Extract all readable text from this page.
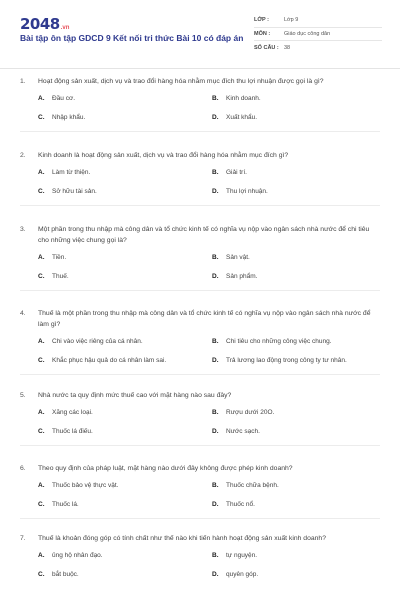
2048 .vn
Bài tập ôn tập GDCD 9 Kết nối tri thức Bài 10 có đáp án
LỚP :	Lớp 9
MÔN :	Giáo dục công dân
SỐ CÂU : 38
1.	Hoạt động sản xuất, dịch vụ và trao đổi hàng hóa nhằm mục đích thu lợi nhuận được gọi là gì?
A.	Đầu cơ.	B.	Kinh doanh.
C.	Nhập khẩu.	D.	Xuất khẩu.
2.	Kinh doanh là hoạt động sản xuất, dịch vụ và trao đổi hàng hóa nhằm mục đích gì?
A.	Làm từ thiện.	B.	Giải trí.
C.	Sở hữu tài sản.	D.	Thu lợi nhuận.
3.	Một phần trong thu nhập mà công dân và tổ chức kinh tế có nghĩa vụ nộp vào ngân sách nhà nước để chi tiêu cho những việc chung gọi là?
A.	Tiền.	B.	Sản vật.
C.	Thuế.	D.	Sản phẩm.
4.	Thuế là một phần trong thu nhập mà công dân và tổ chức kinh tế có nghĩa vụ nộp vào ngân sách nhà nước để làm gì?
A.	Chi vào việc riêng của cá nhân.	B.	Chi tiêu cho những công việc chung.
C.	Khắc phục hậu quả do cá nhân làm sai.	D.	Trả lương lao động trong công ty tư nhân.
5.	Nhà nước ta quy định mức thuế cao với mặt hàng nào sau đây?
A.	Xăng các loại.	B.	Rượu dưới 20O.
C.	Thuốc lá điếu.	D.	Nước sạch.
6.	Theo quy định của pháp luật, mặt hàng nào dưới đây không được phép kinh doanh?
A.	Thuốc bảo vệ thực vật.	B.	Thuốc chữa bệnh.
C.	Thuốc lá.	D.	Thuốc nổ.
7.	Thuế là khoản đóng góp có tính chất như thế nào khi tiến hành hoạt động sản xuất kinh doanh?
A.	ủng hộ nhân đạo.	B.	tự nguyện.
C.	bắt buộc.	D.	quyên góp.
